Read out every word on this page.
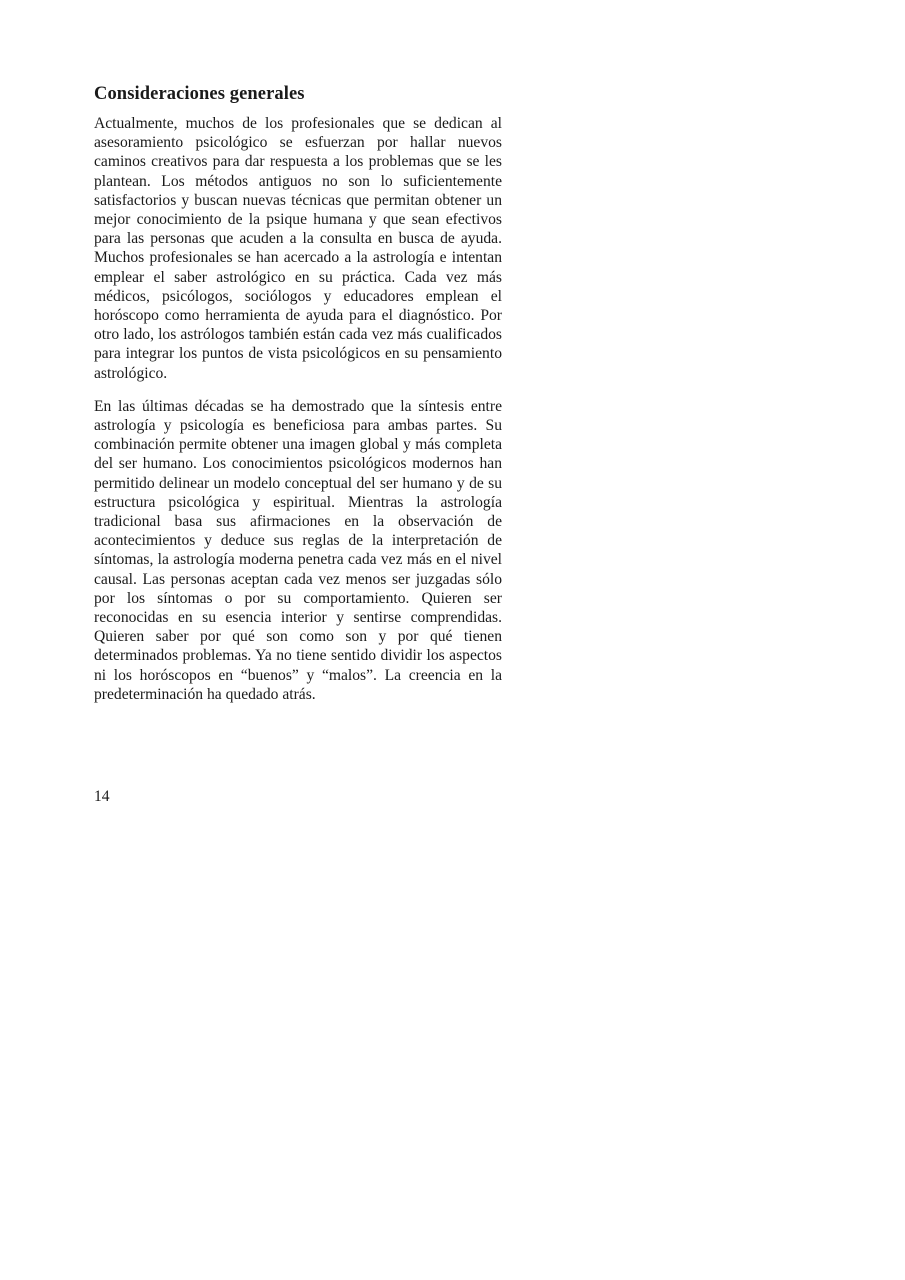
Consideraciones generales

Actualmente, muchos de los profesionales que se dedican al asesoramiento psicológico se esfuerzan por hallar nuevos caminos creativos para dar respuesta a los problemas que se les plantean. Los métodos antiguos no son lo suficientemente satisfactorios y buscan nuevas técnicas que permitan obtener un mejor conocimiento de la psique humana y que sean efectivos para las personas que acuden a la consulta en busca de ayuda. Muchos profesionales se han acercado a la astrología e intentan emplear el saber astrológico en su práctica. Cada vez más médicos, psicólogos, sociólogos y educadores emplean el horóscopo como herramienta de ayuda para el diagnóstico. Por otro lado, los astrólogos también están cada vez más cualificados para integrar los puntos de vista psicológicos en su pensamiento astrológico.

En las últimas décadas se ha demostrado que la síntesis entre astrología y psicología es beneficiosa para ambas partes. Su combinación permite obtener una imagen global y más completa del ser humano. Los conocimientos psicológicos modernos han permitido delinear un modelo conceptual del ser humano y de su estructura psicológica y espiritual. Mientras la astrología tradicional basa sus afirmaciones en la observación de acontecimientos y deduce sus reglas de la interpretación de síntomas, la astrología moderna penetra cada vez más en el nivel causal. Las personas aceptan cada vez menos ser juzgadas sólo por los síntomas o por su comportamiento. Quieren ser reconocidas en su esencia interior y sentirse comprendidas. Quieren saber por qué son como son y por qué tienen determinados problemas. Ya no tiene sentido dividir los aspectos ni los horóscopos en “buenos” y “malos”. La creencia en la predeterminación ha quedado atrás.

14
